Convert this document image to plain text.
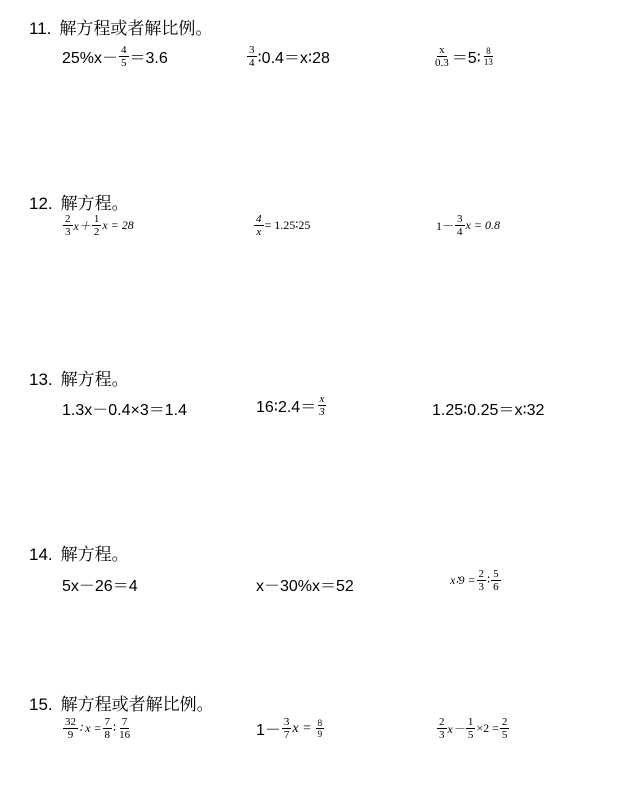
11. 解方程或者解比例。
$25\%x- \frac{4}{5} =3.6$	$\frac{3}{4}$ ∶0.4＝x∶28	$\frac{x}{0.3}$ ＝5∶ $\frac{8}{13}$
12. 解方程。
$\frac{2}{3} x+ \frac{1}{2}$ x = 28	$\frac{4}{x}$ = 1.25∶25	$1- \frac{3}{4}$ x = 0.8
13. 解方程。
1.3x－0.4×3＝1.4	16∶2.4＝ $\frac{x}{3}$	1.25∶0.25＝x∶32
14. 解方程。
5x－26＝4	x－30%x＝52	x∶9 = $\frac{2}{3}$ ∶ $\frac{5}{6}$
15. 解方程或者解比例。
$\frac{32}{9}$ ∶ $x = \frac{7}{8}$ ∶ $\frac{7}{16}$	$1- \frac{3}{7}$ $x = \frac{8}{9}$	$\frac{2}{3} x- \frac{1}{5} \times 2 = \frac{2}{5}$
